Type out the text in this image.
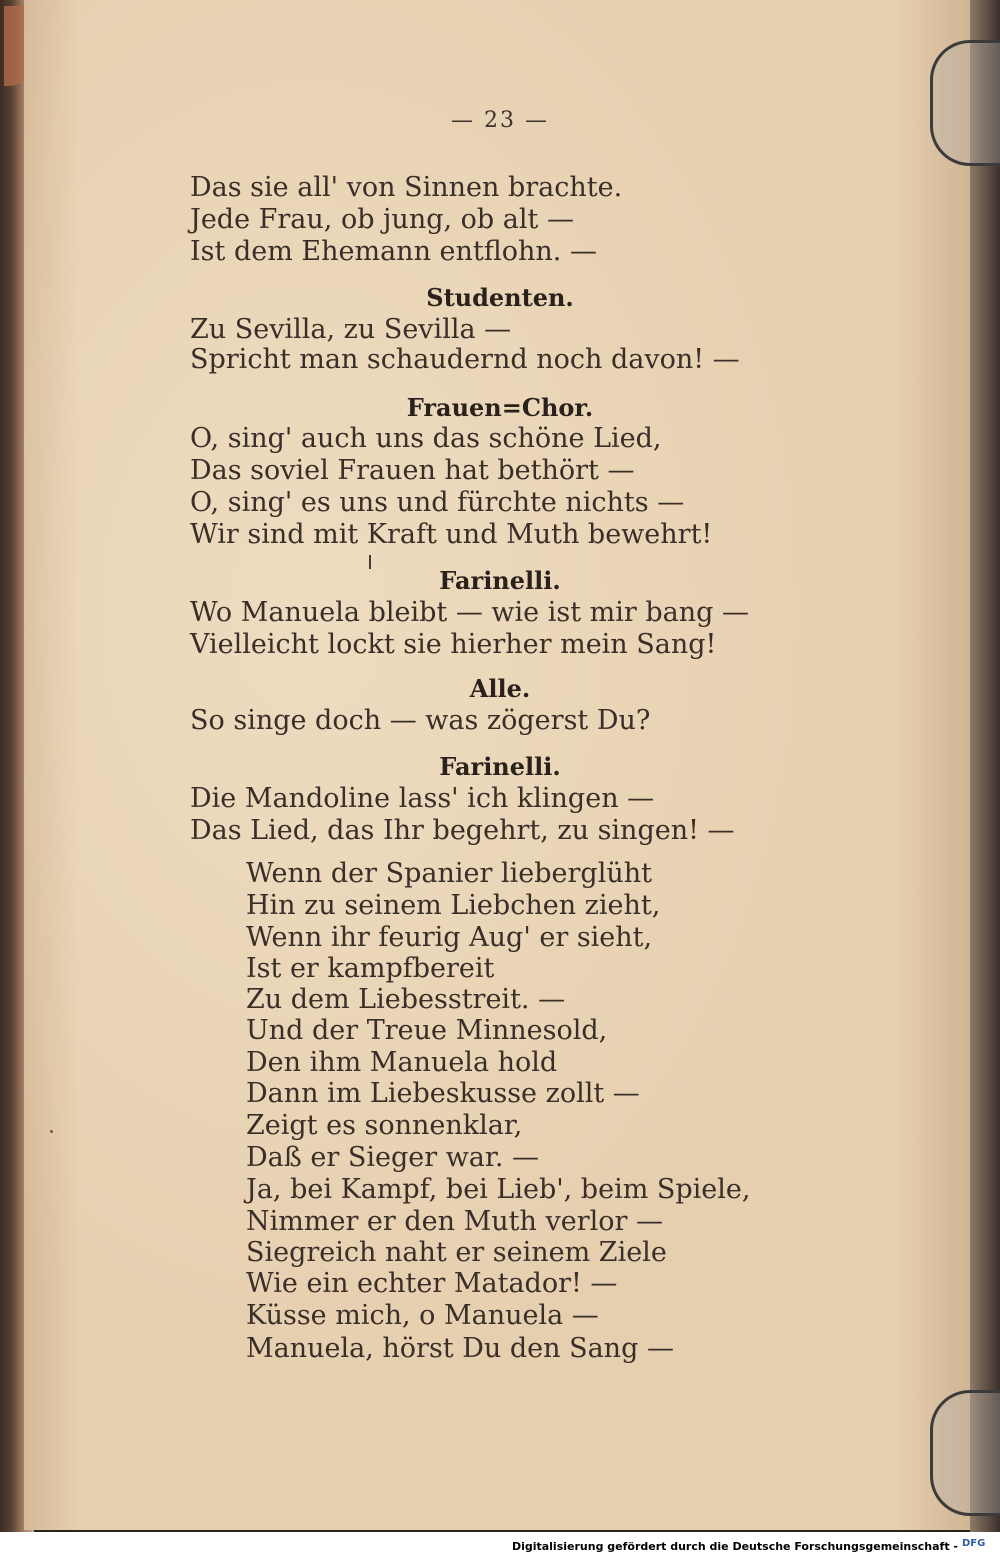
— 23 —
Das sie all' von Sinnen brachte.
Jede Frau, ob jung, ob alt —
Ist dem Ehemann entflohn. —
Studenten.
Zu Sevilla, zu Sevilla —
Spricht man schaudernd noch davon! —
Frauen=Chor.
O, sing' auch uns das schöne Lied,
Das soviel Frauen hat bethört —
O, sing' es uns und fürchte nichts —
Wir sind mit Kraft und Muth bewehrt!
Farinelli.
Wo Manuela bleibt — wie ist mir bang —
Vielleicht lockt sie hierher mein Sang!
Alle.
So singe doch — was zögerst Du?
Farinelli.
Die Mandoline lass' ich klingen —
Das Lied, das Ihr begehrt, zu singen! —
Wenn der Spanier lieberglüht
Hin zu seinem Liebchen zieht,
Wenn ihr feurig Aug' er sieht,
Ist er kampfbereit
Zu dem Liebesstreit. —
Und der Treue Minnesold,
Den ihm Manuela hold
Dann im Liebeskusse zollt —
Zeigt es sonnenklar,
Daß er Sieger war. —
Ja, bei Kampf, bei Lieb', beim Spiele,
Nimmer er den Muth verlor —
Siegreich naht er seinem Ziele
Wie ein echter Matador! —
Küsse mich, o Manuela —
Manuela, hörst Du den Sang —
Digitalisierung gefördert durch die Deutsche Forschungsgemeinschaft - DFG
